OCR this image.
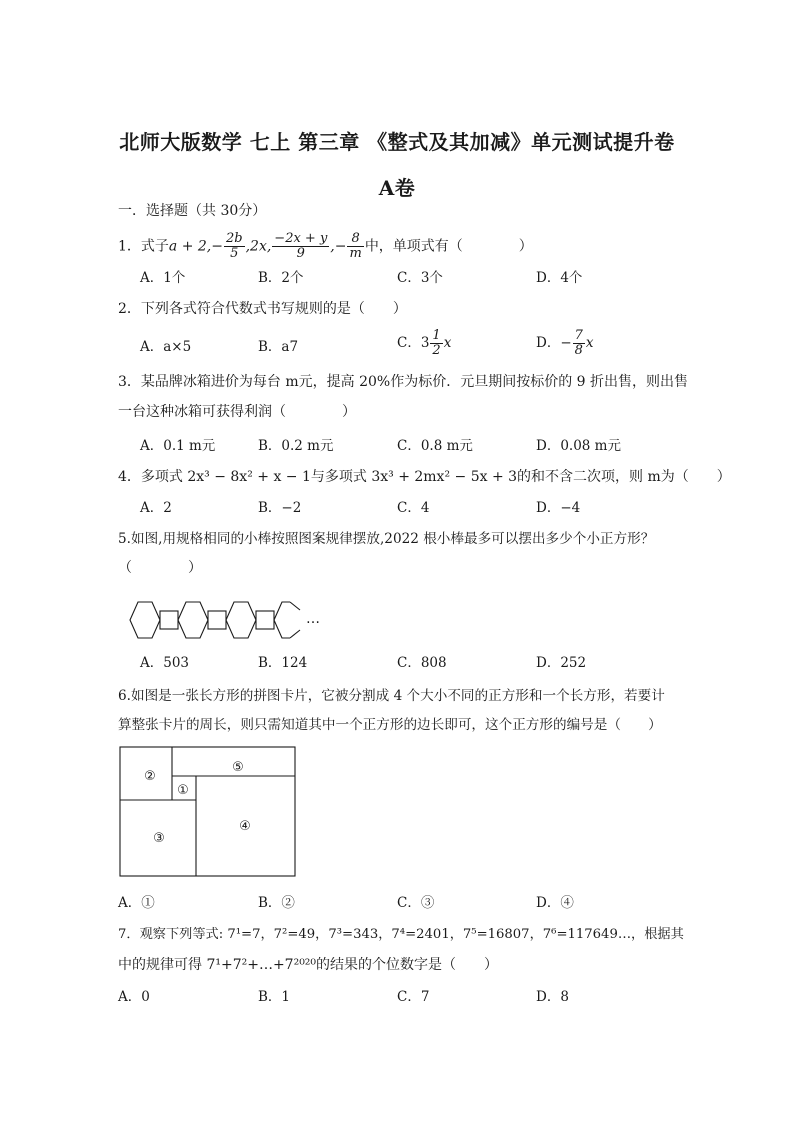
北师大版数学 七上 第三章 《整式及其加减》单元测试提升卷
A卷
一．选择题（共 30分）
1．式子$a + 2,- \frac{2b}{5} ,2x$, $\frac{-2x + y}{9}$ ,− $\frac{8}{m}$ 中，单项式有（　　　　）
A．1个	B．2个	C．3个	D．4个
2．下列各式符合代数式书写规则的是（　　）
A．a×5	B．a7	C．$3 \frac{1}{2}$ x	D．− $\frac{7}{8}$ x
3．某品牌冰箱进价为每台 m元，提高 20%作为标价．元旦期间按标价的 9 折出售，则出售
一台这种冰箱可获得利润（　　　　）
A．0.1 m元	B．0.2 m元	C．0.8 m元	D．0.08 m元
4．多项式 2x³ − 8x² + x − 1与多项式 3x³ + 2mx² − 5x + 3的和不含二次项，则 m为（　　）
A．2	B．−2	C．4	D．−4
5.如图,用规格相同的小棒按照图案规律摆放,2022 根小棒最多可以摆出多少个小正方形？
（　　　　）
…
A．503	B．124	C．808	D．252
6.如图是一张长方形的拼图卡片，它被分割成 4 个大小不同的正方形和一个长方形，若要计
算整张卡片的周长，则只需知道其中一个正方形的边长即可，这个正方形的编号是（　　）
①
②
③
④
⑤
A．①	B．②	C．③	D．④
7．观察下列等式: 7¹=7，7²=49，7³=343，7⁴=2401，7⁵=16807，7⁶=117649…，根据其
中的规律可得 7¹+7²+…+7²⁰²⁰的结果的个位数字是（　　）
A．0	B．1	C．7	D．8
